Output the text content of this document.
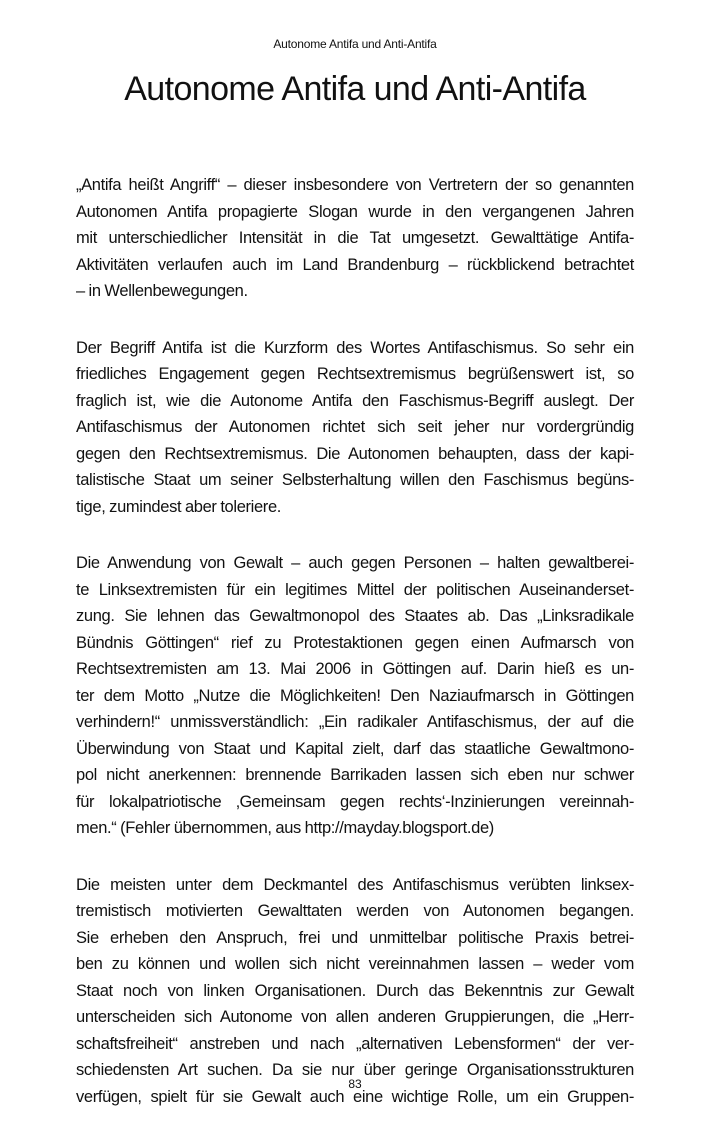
Autonome Antifa und Anti-Antifa
Autonome Antifa und Anti-Antifa

„Antifa heißt Angriff“ – dieser insbesondere von Vertretern der so genannten
Autonomen Antifa propagierte Slogan wurde in den vergangenen Jahren
mit unterschiedlicher Intensität in die Tat umgesetzt. Gewalttätige Antifa-
Aktivitäten verlaufen auch im Land Brandenburg – rückblickend betrachtet
– in Wellenbewegungen.

Der Begriff Antifa ist die Kurzform des Wortes Antifaschismus. So sehr ein
friedliches Engagement gegen Rechtsextremismus begrüßenswert ist, so
fraglich ist, wie die Autonome Antifa den Faschismus-Begriff auslegt. Der
Antifaschismus der Autonomen richtet sich seit jeher nur vordergründig
gegen den Rechtsextremismus. Die Autonomen behaupten, dass der kapi-
talistische Staat um seiner Selbsterhaltung willen den Faschismus begüns-
tige, zumindest aber toleriere.

Die Anwendung von Gewalt – auch gegen Personen – halten gewaltberei-
te Linksextremisten für ein legitimes Mittel der politischen Auseinanderset-
zung. Sie lehnen das Gewaltmonopol des Staates ab. Das „Linksradikale
Bündnis Göttingen“ rief zu Protestaktionen gegen einen Aufmarsch von
Rechtsextremisten am 13. Mai 2006 in Göttingen auf. Darin hieß es un-
ter dem Motto „Nutze die Möglichkeiten! Den Naziaufmarsch in Göttingen
verhindern!“ unmissverständlich: „Ein radikaler Antifaschismus, der auf die
Überwindung von Staat und Kapital zielt, darf das staatliche Gewaltmono-
pol nicht anerkennen: brennende Barrikaden lassen sich eben nur schwer
für lokalpatriotische ‚Gemeinsam gegen rechts‘-Inzinierungen vereinnah-
men.“ (Fehler übernommen, aus http://mayday.blogsport.de)

Die meisten unter dem Deckmantel des Antifaschismus verübten linksex-
tremistisch motivierten Gewalttaten werden von Autonomen begangen.
Sie erheben den Anspruch, frei und unmittelbar politische Praxis betrei-
ben zu können und wollen sich nicht vereinnahmen lassen – weder vom
Staat noch von linken Organisationen. Durch das Bekenntnis zur Gewalt
unterscheiden sich Autonome von allen anderen Gruppierungen, die „Herr-
schaftsfreiheit“ anstreben und nach „alternativen Lebensformen“ der ver-
schiedensten Art suchen. Da sie nur über geringe Organisationsstrukturen
verfügen, spielt für sie Gewalt auch eine wichtige Rolle, um ein Gruppen-

83
